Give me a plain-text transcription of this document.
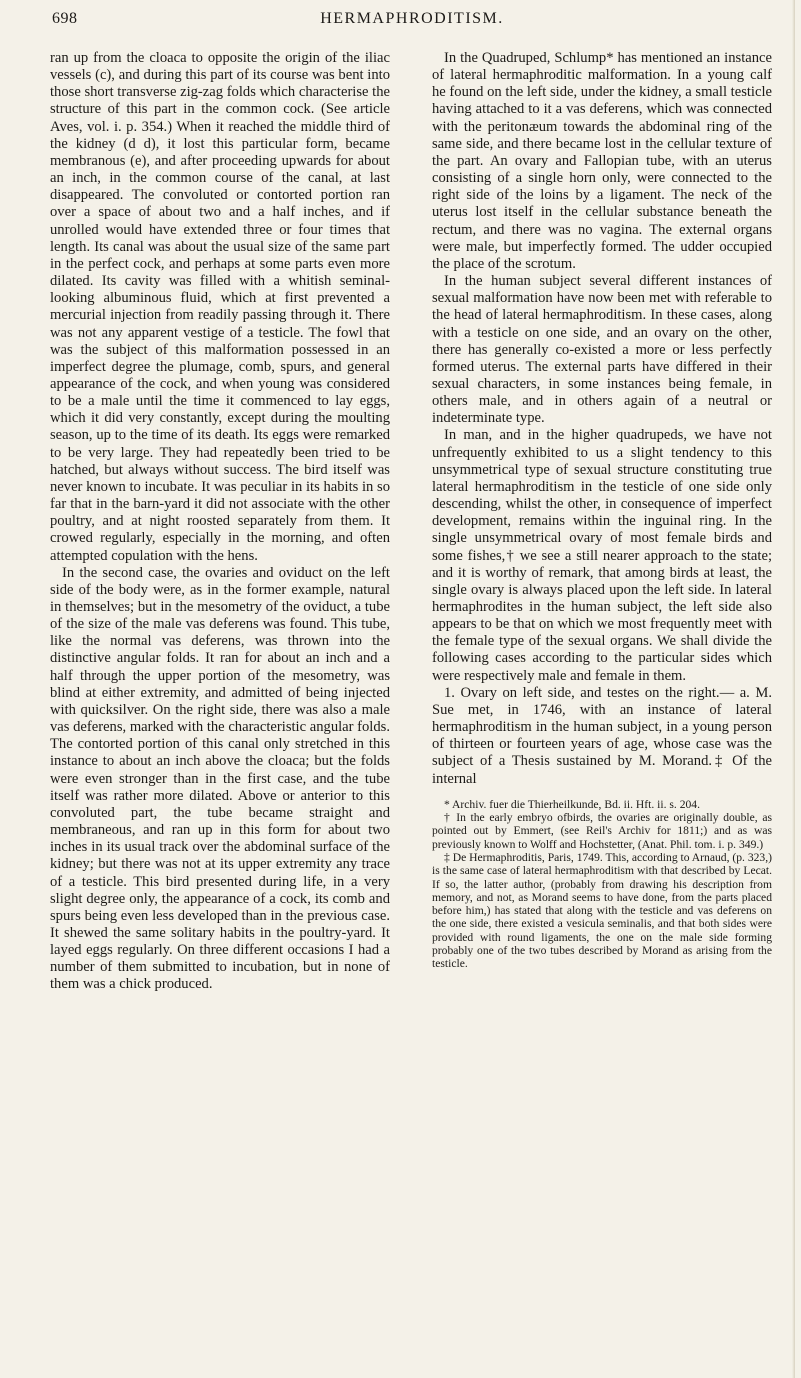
698	HERMAPHRODITISM.

ran up from the cloaca to opposite the origin of the iliac vessels (c), and during this part of its course was bent into those short transverse zig-zag folds which characterise the structure of this part in the common cock. (See article Aves, vol. i. p. 354.) When it reached the middle third of the kidney (d d), it lost this particular form, became membranous (e), and after proceeding upwards for about an inch, in the common course of the canal, at last disappeared. The convoluted or contorted portion ran over a space of about two and a half inches, and if unrolled would have extended three or four times that length. Its canal was about the usual size of the same part in the perfect cock, and perhaps at some parts even more dilated. Its cavity was filled with a whitish seminal-looking albuminous fluid, which at first prevented a mercurial injection from readily passing through it. There was not any apparent vestige of a testicle. The fowl that was the subject of this malformation possessed in an imperfect degree the plumage, comb, spurs, and general appearance of the cock, and when young was considered to be a male until the time it commenced to lay eggs, which it did very constantly, except during the moulting season, up to the time of its death. Its eggs were remarked to be very large. They had repeatedly been tried to be hatched, but always without success. The bird itself was never known to incubate. It was peculiar in its habits in so far that in the barn-yard it did not associate with the other poultry, and at night roosted separately from them. It crowed regularly, especially in the morning, and often attempted copulation with the hens.

In the second case, the ovaries and oviduct on the left side of the body were, as in the former example, natural in themselves; but in the mesometry of the oviduct, a tube of the size of the male vas deferens was found. This tube, like the normal vas deferens, was thrown into the distinctive angular folds. It ran for about an inch and a half through the upper portion of the mesometry, was blind at either extremity, and admitted of being injected with quicksilver. On the right side, there was also a male vas deferens, marked with the characteristic angular folds. The contorted portion of this canal only stretched in this instance to about an inch above the cloaca; but the folds were even stronger than in the first case, and the tube itself was rather more dilated. Above or anterior to this convoluted part, the tube became straight and membraneous, and ran up in this form for about two inches in its usual track over the abdominal surface of the kidney; but there was not at its upper extremity any trace of a testicle. This bird presented during life, in a very slight degree only, the appearance of a cock, its comb and spurs being even less developed than in the previous case. It shewed the same solitary habits in the poultry-yard. It layed eggs regularly. On three different occasions I had a number of them submitted to incubation, but in none of them was a chick produced.

In the Quadruped, Schlump* has mentioned an instance of lateral hermaphroditic malformation. In a young calf he found on the left side, under the kidney, a small testicle having attached to it a vas deferens, which was connected with the peritonæum towards the abdominal ring of the same side, and there became lost in the cellular texture of the part. An ovary and Fallopian tube, with an uterus consisting of a single horn only, were connected to the right side of the loins by a ligament. The neck of the uterus lost itself in the cellular substance beneath the rectum, and there was no vagina. The external organs were male, but imperfectly formed. The udder occupied the place of the scrotum.

In the human subject several different instances of sexual malformation have now been met with referable to the head of lateral hermaphroditism. In these cases, along with a testicle on one side, and an ovary on the other, there has generally co-existed a more or less perfectly formed uterus. The external parts have differed in their sexual characters, in some instances being female, in others male, and in others again of a neutral or indeterminate type.

In man, and in the higher quadrupeds, we have not unfrequently exhibited to us a slight tendency to this unsymmetrical type of sexual structure constituting true lateral hermaphroditism in the testicle of one side only descending, whilst the other, in consequence of imperfect development, remains within the inguinal ring. In the single unsymmetrical ovary of most female birds and some fishes,† we see a still nearer approach to the state; and it is worthy of remark, that among birds at least, the single ovary is always placed upon the left side. In lateral hermaphrodites in the human subject, the left side also appears to be that on which we most frequently meet with the female type of the sexual organs. We shall divide the following cases according to the particular sides which were respectively male and female in them.

1. Ovary on left side, and testes on the right.— a. M. Sue met, in 1746, with an instance of lateral hermaphroditism in the human subject, in a young person of thirteen or fourteen years of age, whose case was the subject of a Thesis sustained by M. Morand.‡ Of the internal

* Archiv. fuer die Thierheilkunde, Bd. ii. Hft. ii. s. 204.

† In the early embryo ofbirds, the ovaries are originally double, as pointed out by Emmert, (see Reil's Archiv for 1811;) and as was previously known to Wolff and Hochstetter, (Anat. Phil. tom. i. p. 349.)

‡ De Hermaphroditis, Paris, 1749. This, according to Arnaud, (p. 323,) is the same case of lateral hermaphroditism with that described by Lecat. If so, the latter author, (probably from drawing his description from memory, and not, as Morand seems to have done, from the parts placed before him,) has stated that along with the testicle and vas deferens on the one side, there existed a vesicula seminalis, and that both sides were provided with round ligaments, the one on the male side forming probably one of the two tubes described by Morand as arising from the testicle.
